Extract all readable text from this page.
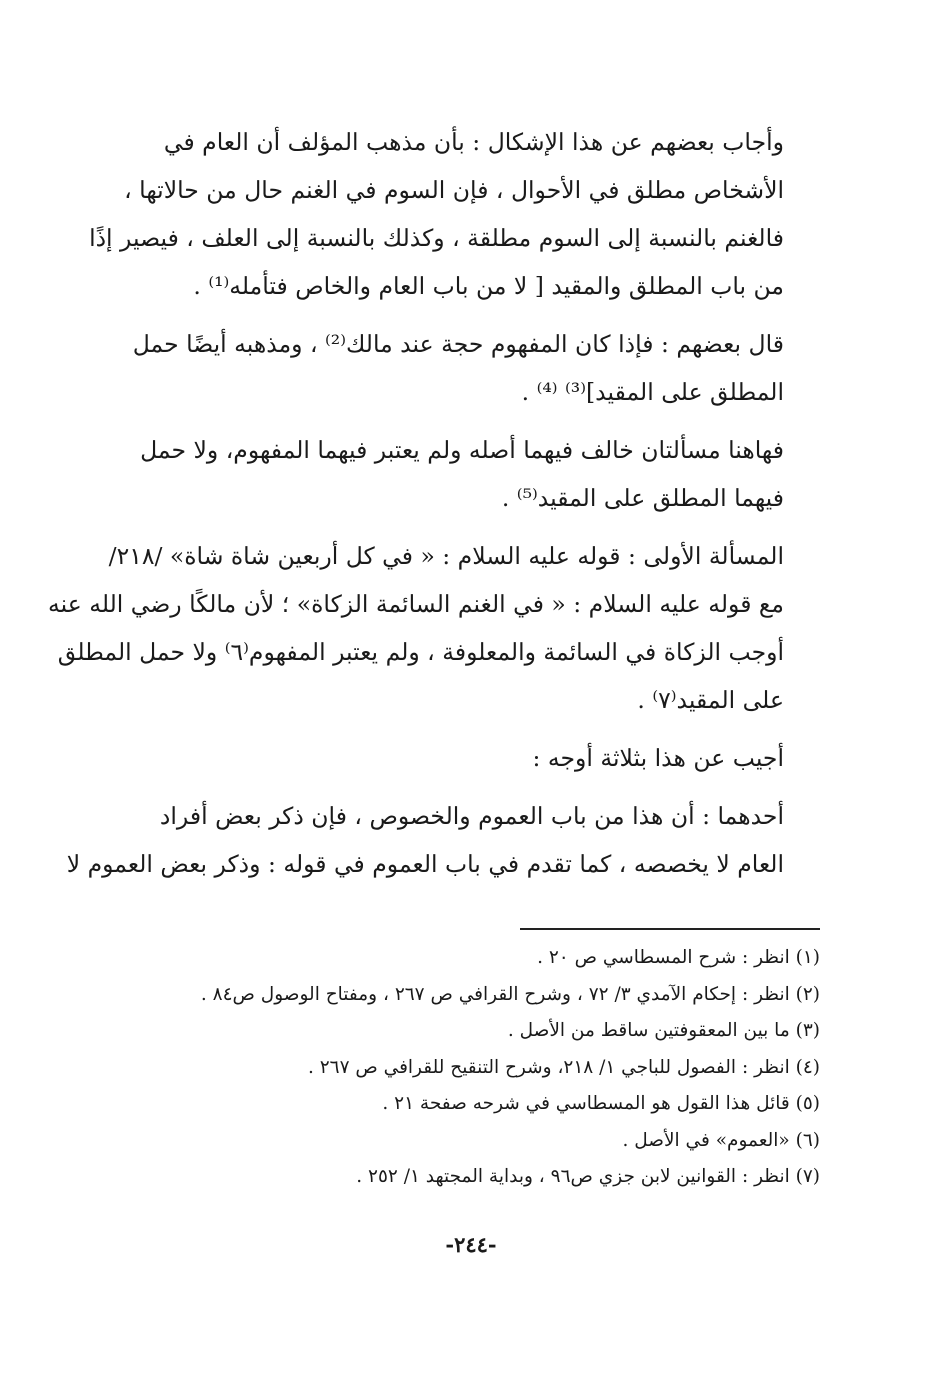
وأجاب بعضهم عن هذا الإشكال : بأن مذهب المؤلف أن العام في
الأشخاص مطلق في الأحوال ، فإن السوم في الغنم حال من حالاتها ،
فالغنم بالنسبة إلى السوم مطلقة ، وكذلك بالنسبة إلى العلف ، فيصير إذًا
من باب المطلق والمقيد [ لا من باب العام والخاص فتأمله⁽¹⁾ .
قال بعضهم : فإذا كان المفهوم حجة عند مالك⁽²⁾ ، ومذهبه أيضًا حمل
المطلق على المقيد]⁽³⁾ ⁽⁴⁾ .
فهاهنا مسألتان خالف فيهما أصله ولم يعتبر فيهما المفهوم، ولا حمل
فيهما المطلق على المقيد⁽⁵⁾ .
المسألة الأولى : قوله عليه السلام : « في كل أربعين شاة شاة» /٢١٨/
مع قوله عليه السلام : « في الغنم السائمة الزكاة» ؛ لأن مالكًا رضي الله عنه
أوجب الزكاة في السائمة والمعلوفة ، ولم يعتبر المفهوم⁽٦⁾ ولا حمل المطلق
على المقيد⁽٧⁾ .
أجيب عن هذا بثلاثة أوجه :
أحدهما : أن هذا من باب العموم والخصوص ، فإن ذكر بعض أفراد
العام لا يخصصه ، كما تقدم في باب العموم في قوله : وذكر بعض العموم لا
(١) انظر : شرح المسطاسي ص ٢٠ .
(٢) انظر : إحكام الآمدي ٣/ ٧٢ ، وشرح القرافي ص ٢٦٧ ، ومفتاح الوصول ص٨٤ .
(٣) ما بين المعقوفتين ساقط من الأصل .
(٤) انظر : الفصول للباجي ١/ ٢١٨، وشرح التنقيح للقرافي ص ٢٦٧ .
(٥) قائل هذا القول هو المسطاسي في شرحه صفحة ٢١ .
(٦) «العموم» في الأصل .
(٧) انظر : القوانين لابن جزي ص٩٦ ، وبداية المجتهد ١/ ٢٥٢ .
-٢٤٤-
